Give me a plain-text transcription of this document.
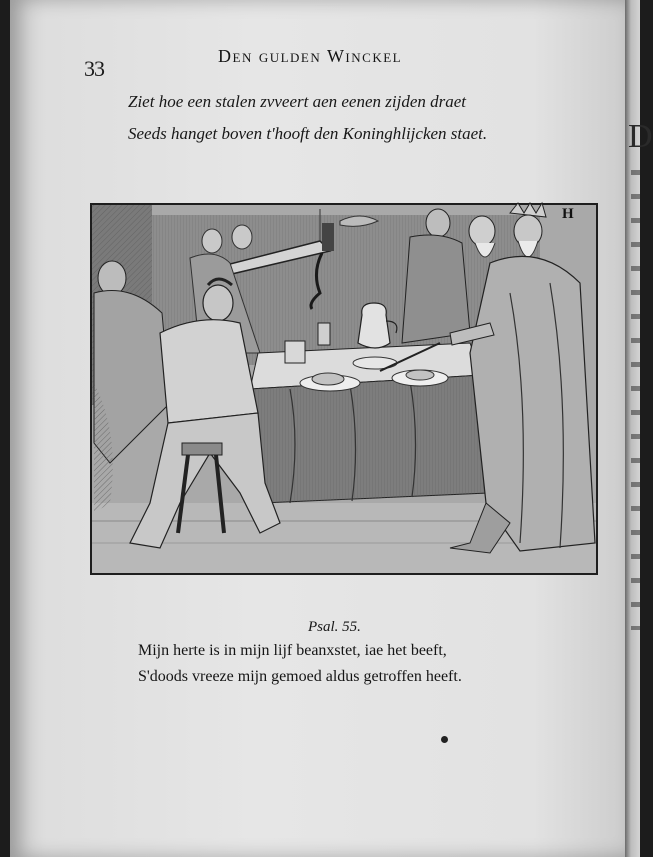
D
33	Den gulden Winckel
Ziet hoe een stalen zvveert aen eenen zijden draet
Seeds hanget boven t'hooft den Koninghlijcken staet.
H
Psal. 55.
Mijn herte is in mijn lijf beanxstet, iae het beeft,
S'doods vreeze mijn gemoed aldus getroffen heeft.
